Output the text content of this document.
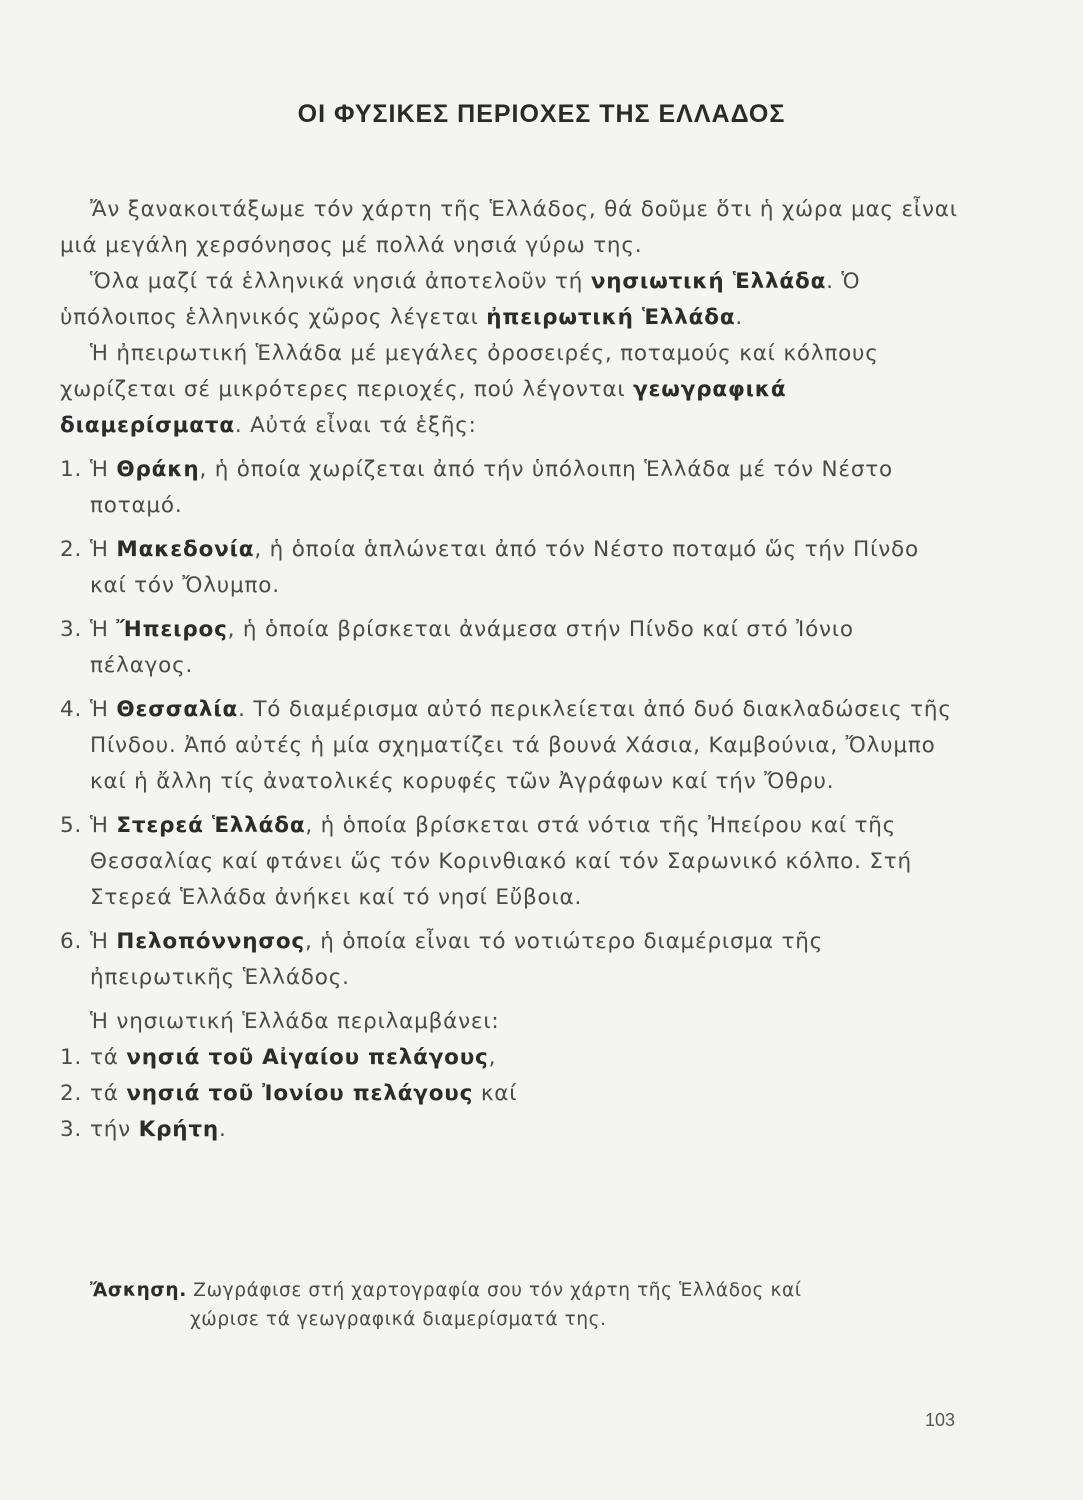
ΟΙ ΦΥΣΙΚΕΣ ΠΕΡΙΟΧΕΣ ΤΗΣ ΕΛΛΑΔΟΣ

Ἄν ξανακοιτάξωμε τόν χάρτη τῆς Ἑλλάδος, θά δοῦμε ὅτι ἡ χώρα μας εἶναι μιά μεγάλη χερσόνησος μέ πολλά νησιά γύρω της.

Ὅλα μαζί τά ἑλληνικά νησιά ἀποτελοῦν τή νησιωτική Ἑλλάδα. Ὁ ὑπόλοιπος ἑλληνικός χῶρος λέγεται ἠπειρωτική Ἑλλάδα.

Ἡ ἠπειρωτική Ἑλλάδα μέ μεγάλες ὀροσειρές, ποταμούς καί κόλπους χωρίζεται σέ μικρότερες περιοχές, πού λέγονται γεωγραφικά διαμερίσματα. Αὐτά εἶναι τά ἑξῆς:

1. Ἡ Θράκη, ἡ ὁποία χωρίζεται ἀπό τήν ὑπόλοιπη Ἑλλάδα μέ τόν Νέστο ποταμό.
2. Ἡ Μακεδονία, ἡ ὁποία ἁπλώνεται ἀπό τόν Νέστο ποταμό ὥς τήν Πίνδο καί τόν Ὄλυμπο.
3. Ἡ Ἤπειρος, ἡ ὁποία βρίσκεται ἀνάμεσα στήν Πίνδο καί στό Ἰόνιο πέλαγος.
4. Ἡ Θεσσαλία. Τό διαμέρισμα αὐτό περικλείεται ἀπό δυό διακλαδώσεις τῆς Πίνδου. Ἀπό αὐτές ἡ μία σχηματίζει τά βουνά Χάσια, Καμβούνια, Ὄλυμπο καί ἡ ἄλλη τίς ἀνατολικές κορυφές τῶν Ἀγράφων καί τήν Ὄθρυ.
5. Ἡ Στερεά Ἑλλάδα, ἡ ὁποία βρίσκεται στά νότια τῆς Ἠπείρου καί τῆς Θεσσαλίας καί φτάνει ὥς τόν Κορινθιακό καί τόν Σαρωνικό κόλπο. Στή Στερεά Ἑλλάδα ἀνήκει καί τό νησί Εὔβοια.
6. Ἡ Πελοπόννησος, ἡ ὁποία εἶναι τό νοτιώτερο διαμέρισμα τῆς ἠπειρωτικῆς Ἑλλάδος.

Ἡ νησιωτική Ἑλλάδα περιλαμβάνει:

1. τά νησιά τοῦ Αἰγαίου πελάγους,
2. τά νησιά τοῦ Ἰονίου πελάγους καί
3. τήν Κρήτη.
Ἄσκηση. Ζωγράφισε στή χαρτογραφία σου τόν χάρτη τῆς Ἑλλάδος καί
χώρισε τά γεωγραφικά διαμερίσματά της.
103
